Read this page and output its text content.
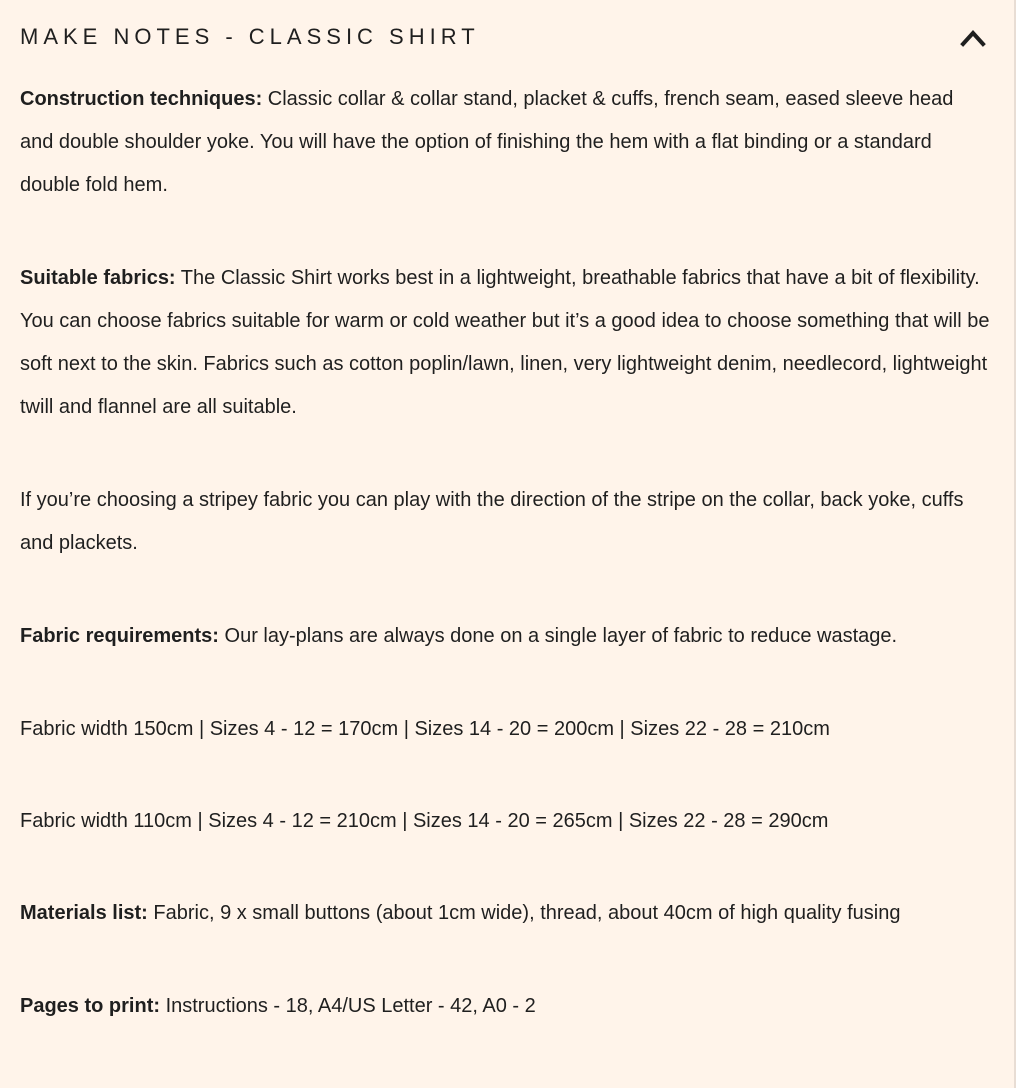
MAKE NOTES - CLASSIC SHIRT

Construction techniques: Classic collar & collar stand, placket & cuffs, french seam, eased sleeve head and double shoulder yoke. You will have the option of finishing the hem with a flat binding or a standard double fold hem.

Suitable fabrics: The Classic Shirt works best in a lightweight, breathable fabrics that have a bit of flexibility. You can choose fabrics suitable for warm or cold weather but it’s a good idea to choose something that will be soft next to the skin. Fabrics such as cotton poplin/lawn, linen, very lightweight denim, needlecord, lightweight twill and flannel are all suitable.

If you’re choosing a stripey fabric you can play with the direction of the stripe on the collar, back yoke, cuffs and plackets.

Fabric requirements: Our lay-plans are always done on a single layer of fabric to reduce wastage.

Fabric width 150cm | Sizes 4 - 12 = 170cm | Sizes 14 - 20 = 200cm | Sizes 22 - 28 = 210cm

Fabric width 110cm | Sizes 4 - 12 = 210cm | Sizes 14 - 20 = 265cm | Sizes 22 - 28 = 290cm

Materials list: Fabric, 9 x small buttons (about 1cm wide), thread, about 40cm of high quality fusing

Pages to print: Instructions - 18, A4/US Letter - 42, A0 - 2
